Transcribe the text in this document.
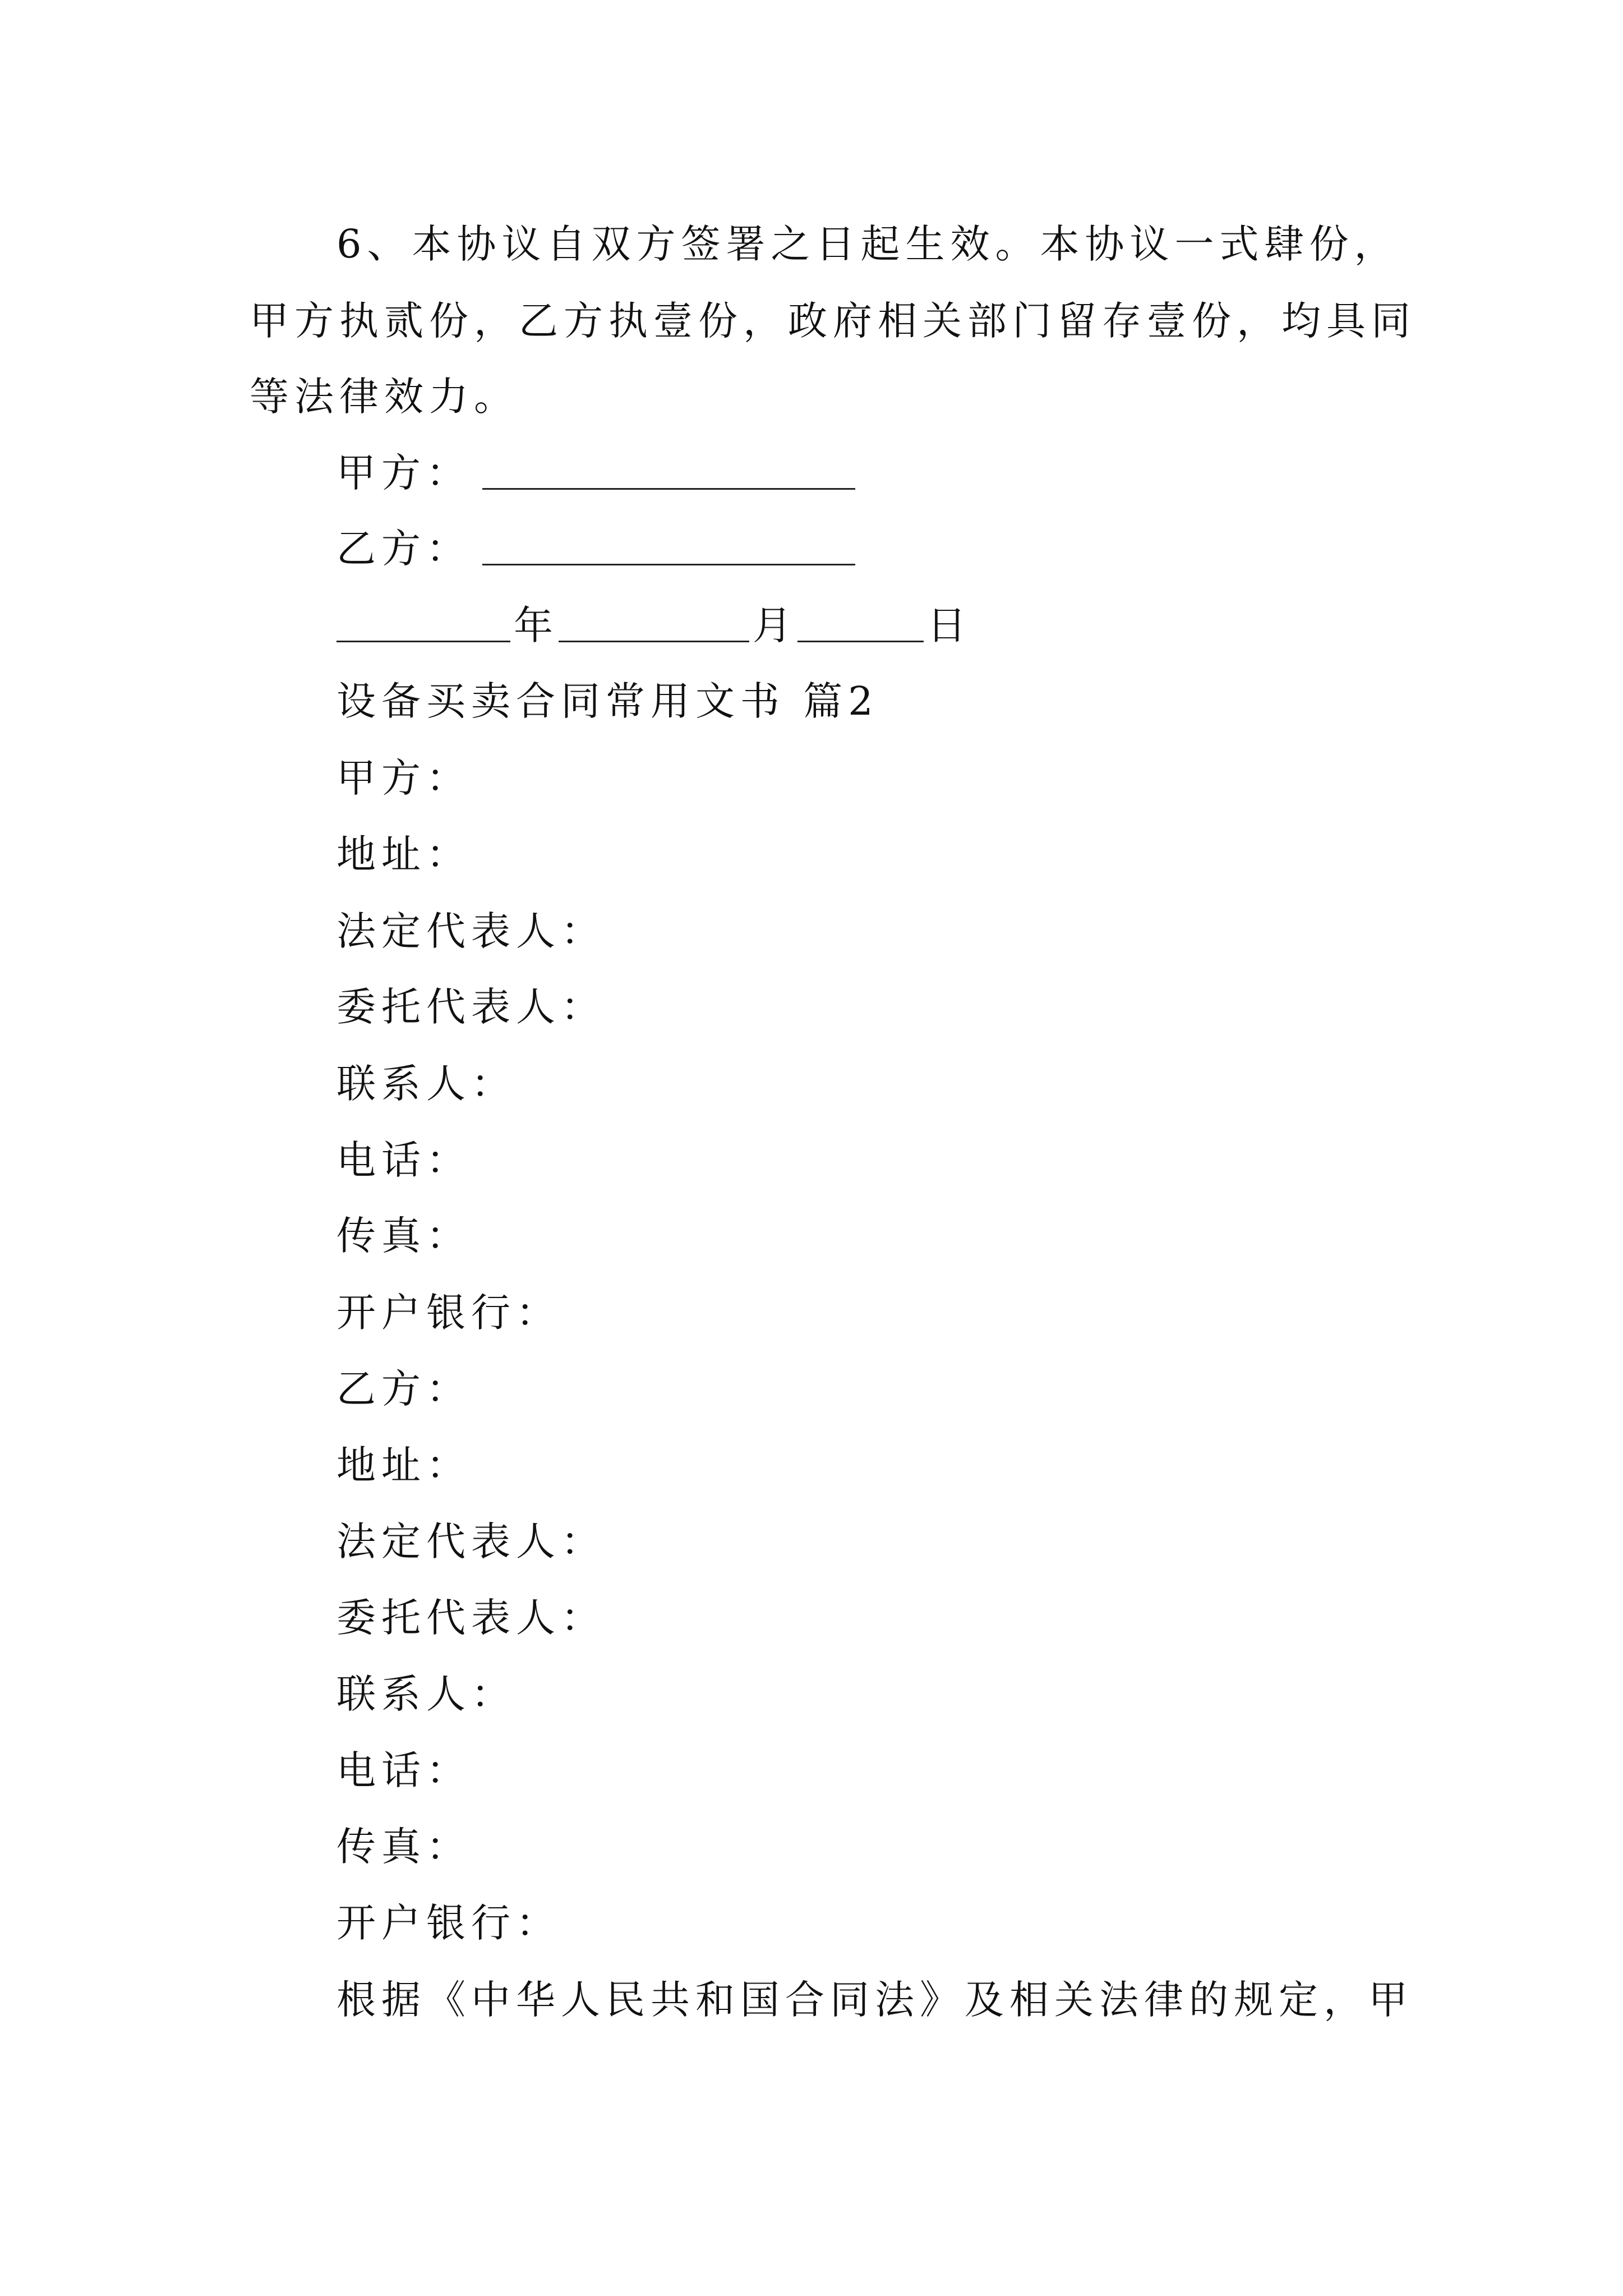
6、本协议自双方签署之日起生效。本协议一式肆份，
甲方执贰份，乙方执壹份，政府相关部门留存壹份，均具同
等法律效力。
甲方：
乙方：
年	月	日
设备买卖合同常用文书 篇2
甲方：
地址：
法定代表人：
委托代表人：
联系人：
电话：
传真：
开户银行：
乙方：
地址：
法定代表人：
委托代表人：
联系人：
电话：
传真：
开户银行：
根据《中华人民共和国合同法》及相关法律的规定，甲
